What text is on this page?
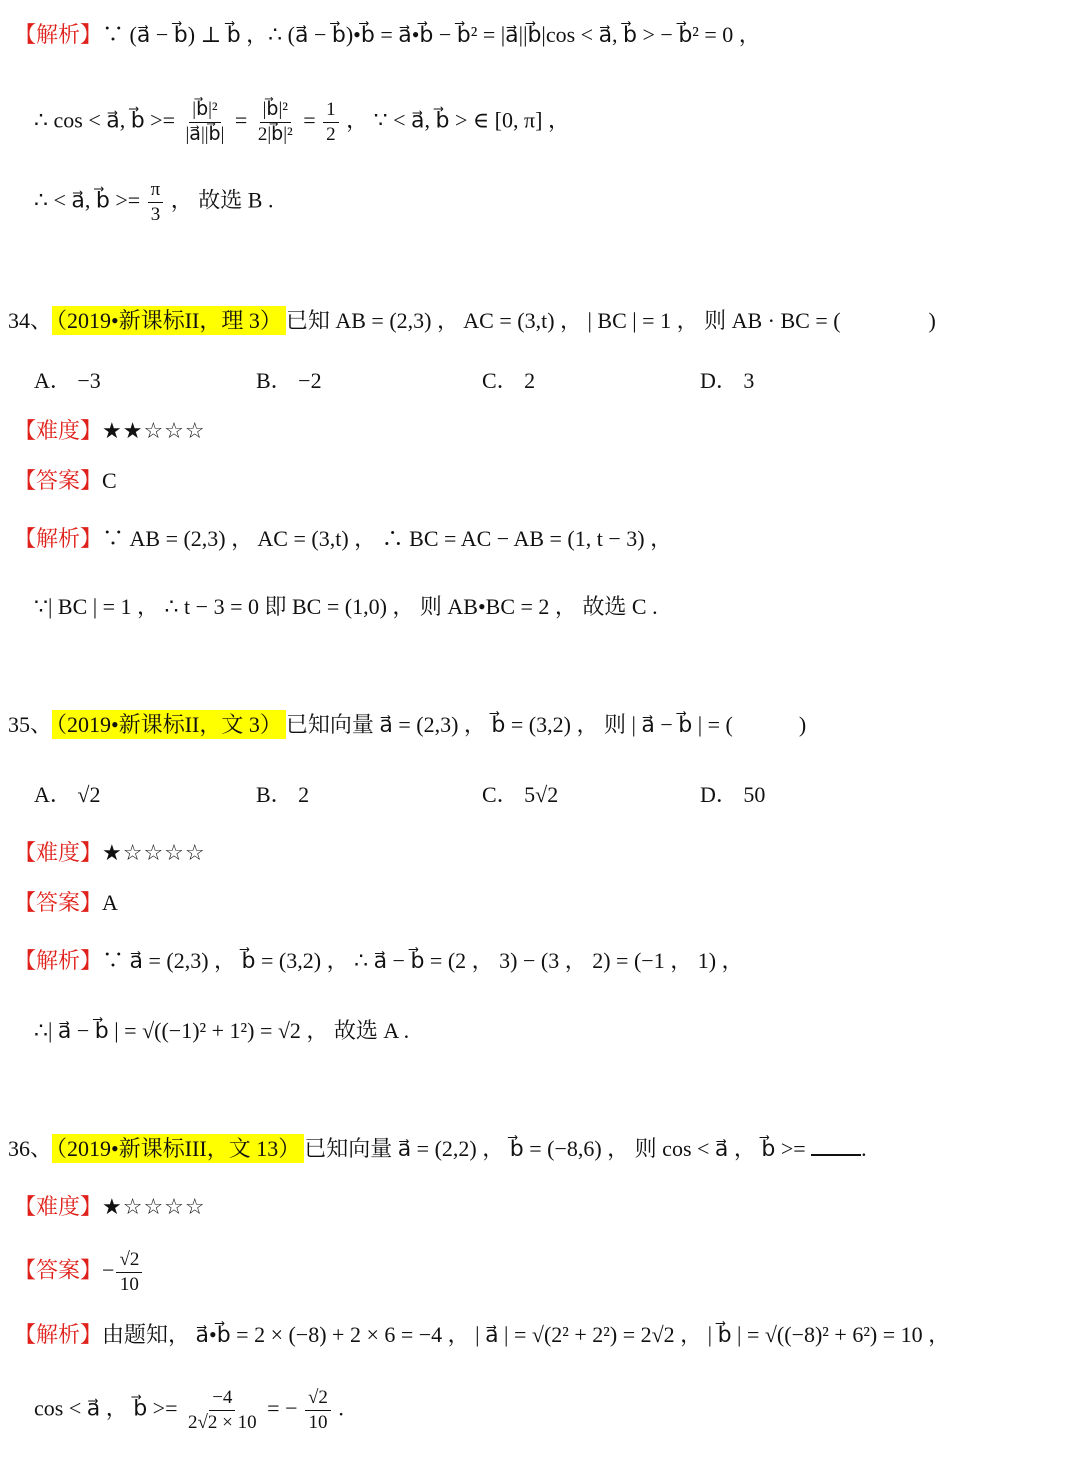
【解析】∵ (a⃗ − b⃗) ⊥ b⃗ ，∴ (a⃗ − b⃗)•b⃗ = a⃗•b⃗ − b⃗² = |a⃗||b⃗|cos < a⃗, b⃗ > − b⃗² = 0 ，
∴ cos < a⃗, b⃗ >= $\frac{\text{|b⃗|²}}{|a⃗||b⃗|} = \frac{\text{|b⃗|²}}{\text{2|b⃗|²}} = \frac{1}{2}$ ， ∵ < a⃗, b⃗ > ∈ [0, π] ，
∴ < a⃗, b⃗ >= $\frac{\pi}{3}$ ， 故选 B .
34、 （2019•新课标II，理 3） 已知 AB = (2,3) ， AC = (3,t) ， | BC | = 1 ， 则 AB · BC = (　　　　)
A． −3	B． −2	C． 2	D． 3
【难度】★★☆☆☆
【答案】C
【解析】∵ AB = (2,3) ， AC = (3,t) ， ∴ BC = AC − AB = (1, t − 3) ，
∵| BC | = 1 ， ∴ t − 3 = 0 即 BC = (1,0) ， 则 AB•BC = 2 ， 故选 C .
35、 （2019•新课标II，文 3） 已知向量 a⃗ = (2,3) ， b⃗ = (3,2) ， 则 | a⃗ − b⃗ | = (　　　)
A． √2	B． 2	C． 5√2	D． 50
【难度】★☆☆☆☆
【答案】A
【解析】∵ a⃗ = (2,3) ， b⃗ = (3,2) ， ∴ a⃗ − b⃗ = (2 ， 3) − (3 ， 2) = (−1 ， 1) ，
∴| a⃗ − b⃗ | = √((−1)² + 1²) = √2 ， 故选 A .
36、 （2019•新课标III，文 13） 已知向量 a⃗ = (2,2) ， b⃗ = (−8,6) ， 则 cos < a⃗ ， b⃗ >=	.
【难度】★☆☆☆☆
【答案】− $\frac{√2}{10}$
【解析】由题知， a⃗•b⃗ = 2 × (−8) + 2 × 6 = −4 ， | a⃗ | = √(2² + 2²) = 2√2 ， | b⃗ | = √((−8)² + 6²) = 10 ，
cos < a⃗ ， b⃗ >= $\frac{-4}{2√2 \times 10}$ = − $\frac{√2}{10}$ .
